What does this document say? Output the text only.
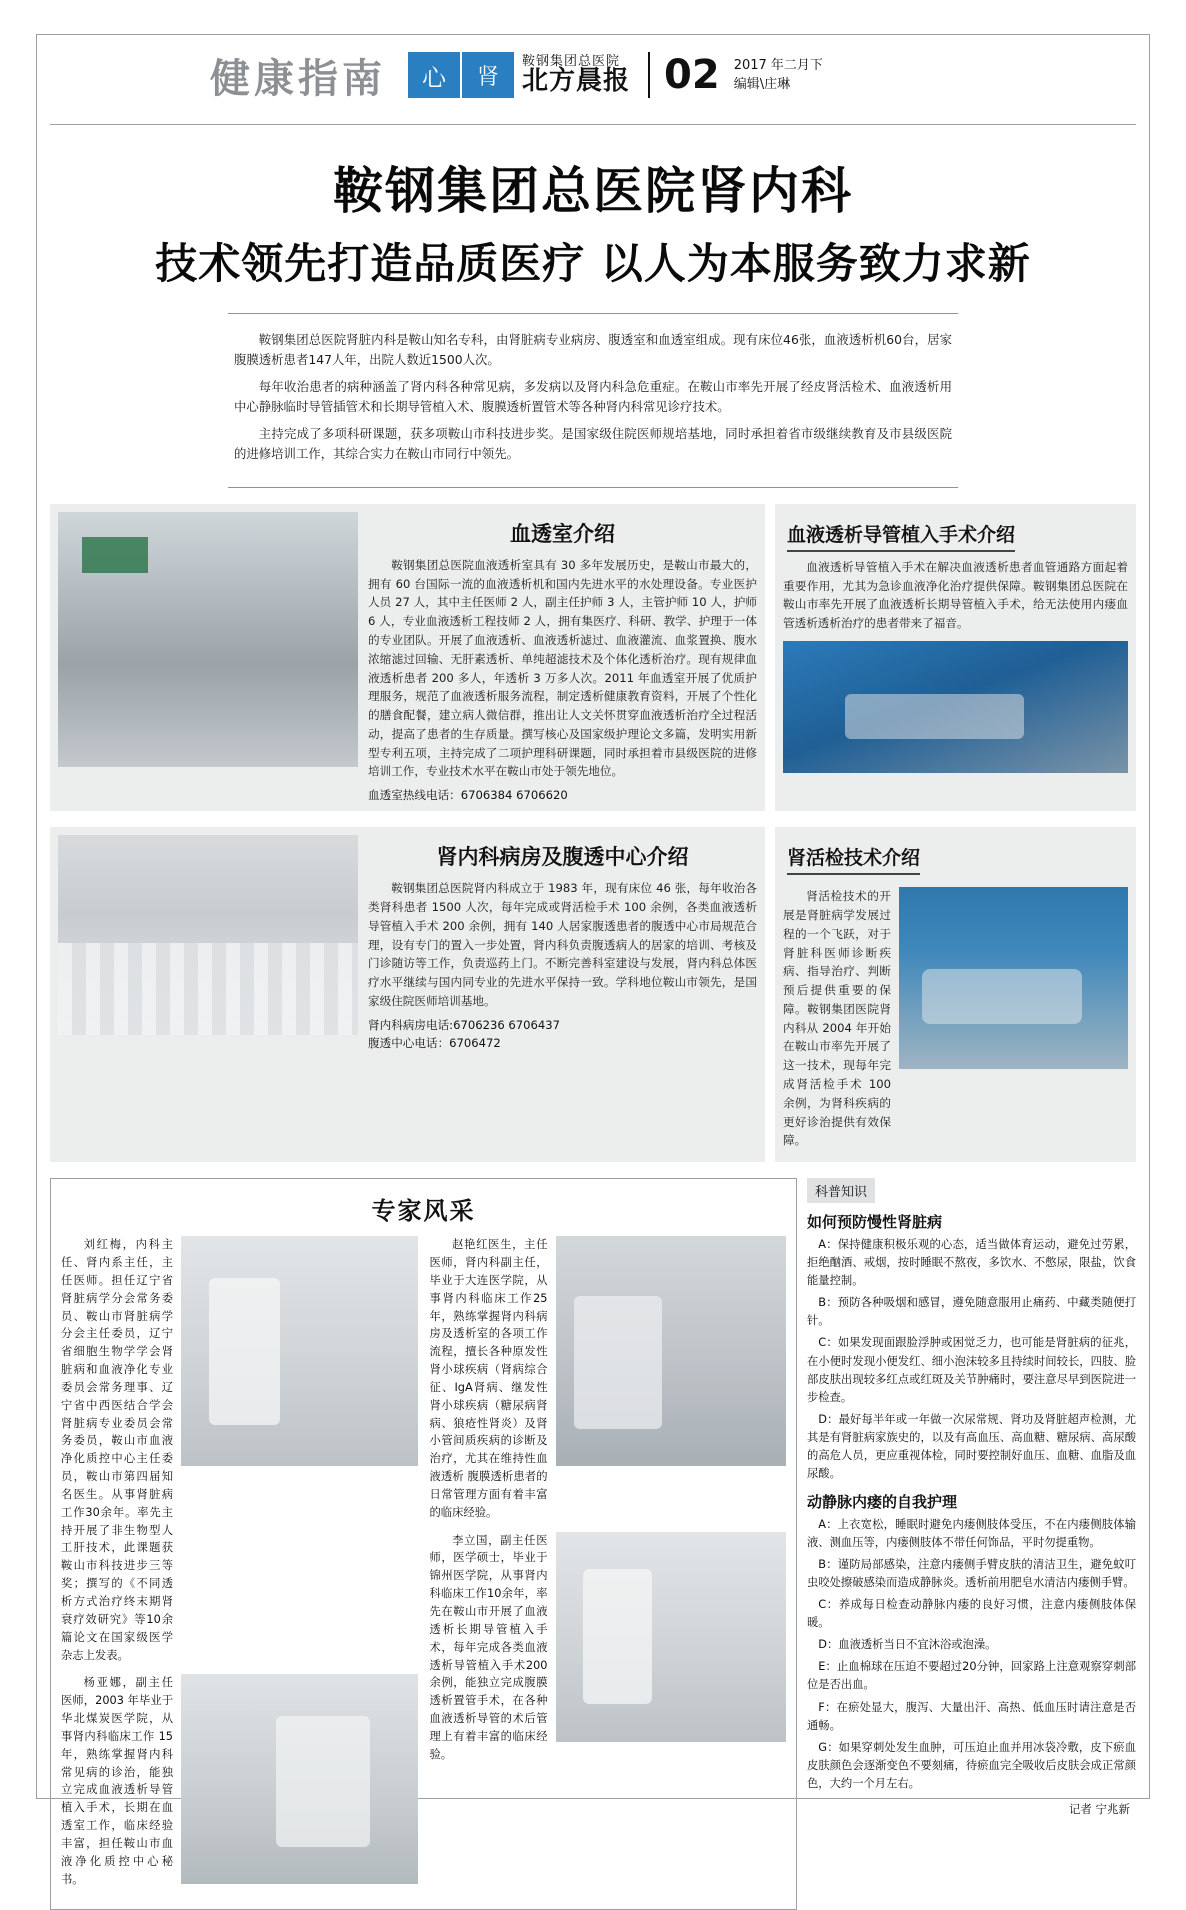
健康指南	心	肾
鞍钢集团总医院
北方晨报 02 2017 年二月下
编辑\庄琳
鞍钢集团总医院肾内科
技术领先打造品质医疗 以人为本服务致力求新

鞍钢集团总医院肾脏内科是鞍山知名专科，由肾脏病专业病房、腹透室和血透室组成。现有床位46张，血液透析机60台，居家腹膜透析患者147人年，出院人数近1500人次。

每年收治患者的病种涵盖了肾内科各种常见病，多发病以及肾内科急危重症。在鞍山市率先开展了经皮肾活检术、血液透析用中心静脉临时导管插管术和长期导管植入术、腹膜透析置管术等各种肾内科常见诊疗技术。

主持完成了多项科研课题，获多项鞍山市科技进步奖。是国家级住院医师规培基地，同时承担着省市级继续教育及市县级医院的进修培训工作，其综合实力在鞍山市同行中领先。

血透室介绍

鞍钢集团总医院血液透析室具有 30 多年发展历史，是鞍山市最大的，拥有 60 台国际一流的血液透析机和国内先进水平的水处理设备。专业医护人员 27 人，其中主任医师 2 人，副主任护师 3 人，主管护师 10 人，护师 6 人，专业血液透析工程技师 2 人，拥有集医疗、科研、教学、护理于一体的专业团队。开展了血液透析、血液透析滤过、血液灌流、血浆置换、腹水浓缩滤过回输、无肝素透析、单纯超滤技术及个体化透析治疗。现有规律血液透析患者 200 多人，年透析 3 万多人次。2011 年血透室开展了优质护理服务，规范了血液透析服务流程，制定透析健康教育资料，开展了个性化的膳食配餐，建立病人微信群，推出让人文关怀贯穿血液透析治疗全过程活动，提高了患者的生存质量。撰写核心及国家级护理论文多篇，发明实用新型专利五项，主持完成了二项护理科研课题，同时承担着市县级医院的进修培训工作，专业技术水平在鞍山市处于领先地位。

血透室热线电话：6706384 6706620
血液透析导管植入手术介绍

血液透析导管植入手术在解决血液透析患者血管通路方面起着重要作用，尤其为急诊血液净化治疗提供保障。鞍钢集团总医院在鞍山市率先开展了血液透析长期导管植入手术，给无法使用内瘘血管透析透析治疗的患者带来了福音。

肾内科病房及腹透中心介绍

鞍钢集团总医院肾内科成立于 1983 年，现有床位 46 张，每年收治各类肾科患者 1500 人次，每年完成或肾活检手术 100 余例，各类血液透析导管植入手术 200 余例，拥有 140 人居家腹透患者的腹透中心市局规范合理，设有专门的置入一步处置，肾内科负责腹透病人的居家的培训、考核及门诊随访等工作，负责巡药上门。不断完善科室建设与发展，肾内科总体医疗水平继续与国内同专业的先进水平保持一致。学科地位鞍山市领先，是国家级住院医师培训基地。

肾内科病房电话:6706236 6706437
腹透中心电话：6706472
肾活检技术介绍

肾活检技术的开展是肾脏病学发展过程的一个飞跃，对于肾脏科医师诊断疾病、指导治疗、判断预后提供重要的保障。鞍钢集团医院肾内科从 2004 年开始在鞍山市率先开展了这一技术，现每年完成肾活检手术 100 余例，为肾科疾病的更好诊治提供有效保障。

专家风采

刘红梅，内科主任、肾内系主任，主任医师。担任辽宁省肾脏病学分会常务委员、鞍山市肾脏病学分会主任委员，辽宁省细胞生物学学会肾脏病和血液净化专业委员会常务理事、辽宁省中西医结合学会肾脏病专业委员会常务委员，鞍山市血液净化质控中心主任委员，鞍山市第四届知名医生。从事肾脏病工作30余年。率先主持开展了非生物型人工肝技术，此课题获鞍山市科技进步三等奖；撰写的《不同透析方式治疗终末期肾衰疗效研究》等10余篇论文在国家级医学杂志上发表。

杨亚娜，副主任医师，2003 年毕业于华北煤炭医学院，从事肾内科临床工作 15 年，熟练掌握肾内科常见病的诊治，能独立完成血液透析导管植入手术，长期在血透室工作，临床经验丰富，担任鞍山市血液净化质控中心秘书。

赵艳红医生，主任医师，肾内科副主任，毕业于大连医学院，从事肾内科临床工作25年，熟练掌握肾内科病房及透析室的各项工作流程，擅长各种原发性肾小球疾病（肾病综合征、IgA肾病、继发性肾小球疾病（糖尿病肾病、狼疮性肾炎）及肾小管间质疾病的诊断及治疗，尤其在维持性血液透析 腹膜透析患者的日常管理方面有着丰富的临床经验。

李立国，副主任医师，医学硕士，毕业于锦州医学院，从事肾内科临床工作10余年，率先在鞍山市开展了血液透析长期导管植入手术，每年完成各类血液透析导管植入手术200余例，能独立完成腹膜透析置管手术，在各种血液透析导管的术后管理上有着丰富的临床经验。

科普知识
如何预防慢性肾脏病

A：保持健康积极乐观的心态，适当做体育运动，避免过劳累，拒绝酗酒、戒烟，按时睡眠不熬夜，多饮水、不憋尿，限盐，饮食能量控制。

B：预防各种吸烟和感冒，遵免随意服用止痛药、中藏类随便打针。

C：如果发现面跟脸浮肿或困觉乏力，也可能是肾脏病的征兆，在小便时发现小便发红、细小泡沫较多且持续时间较长，四肢、脸部皮肤出现较多红点或红斑及关节肿痛时，要注意尽早到医院进一步检查。

D：最好每半年或一年做一次尿常规、肾功及肾脏超声检测，尤其是有肾脏病家族史的，以及有高血压、高血糖、糖尿病、高尿酸的高危人员，更应重视体检，同时要控制好血压、血糖、血脂及血尿酸。

动静脉内瘘的自我护理

A：上衣宽松，睡眠时避免内瘘侧肢体受压，不在内瘘侧肢体输液、测血压等，内瘘侧肢体不带任何饰品，平时勿提重物。

B：谨防局部感染，注意内瘘侧手臂皮肤的清洁卫生，避免蚊叮虫咬处擦破感染而造成静脉炎。透析前用肥皂水清洁内瘘侧手臂。

C：养成每日检查动静脉内瘘的良好习惯，注意内瘘侧肢体保暖。

D：血液透析当日不宜沐浴或泡澡。

E：止血棉球在压迫不要超过20分钟，回家路上注意观察穿刺部位是否出血。

F：在瘀处显大，腹泻、大量出汗、高热、低血压时请注意是否通畅。

G：如果穿刺处发生血肿，可压迫止血并用冰袋冷敷，皮下瘀血皮肤颜色会逐渐变色不要刻痛，待瘀血完全吸收后皮肤会成正常颜色，大约一个月左右。

记者 宁兆新
